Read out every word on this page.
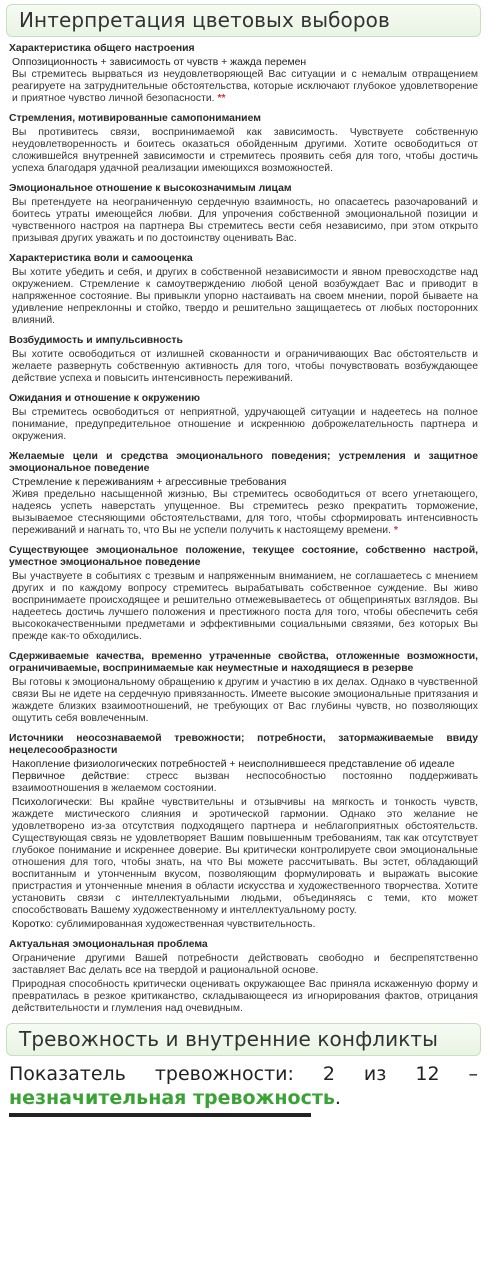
Интерпретация цветовых выборов
Характеристика общего настроения
Оппозиционность + зависимость от чувств + жажда перемен
Вы стремитесь вырваться из неудовлетворяющей Вас ситуации и с немалым отвращением реагируете на затруднительные обстоятельства, которые исключают глубокое удовлетворение и приятное чувство личной безопасности. **
Стремления, мотивированные самопониманием
Вы противитесь связи, воспринимаемой как зависимость. Чувствуете собственную неудовлетворенность и боитесь оказаться обойденным другими. Хотите освободиться от сложившейся внутренней зависимости и стремитесь проявить себя для того, чтобы достичь успеха благодаря удачной реализации имеющихся возможностей.
Эмоциональное отношение к высокозначимым лицам
Вы претендуете на неограниченную сердечную взаимность, но опасаетесь разочарований и боитесь утраты имеющейся любви. Для упрочения собственной эмоциональной позиции и чувственного настроя на партнера Вы стремитесь вести себя независимо, при этом открыто призывая других уважать и по достоинству оценивать Вас.
Характеристика воли и самооценка
Вы хотите убедить и себя, и других в собственной независимости и явном превосходстве над окружением. Стремление к самоутверждению любой ценой возбуждает Вас и приводит в напряженное состояние. Вы привыкли упорно настаивать на своем мнении, порой бываете на удивление непреклонны и стойко, твердо и решительно защищаетесь от любых посторонних влияний.
Возбудимость и импульсивность
Вы хотите освободиться от излишней скованности и ограничивающих Вас обстоятельств и желаете развернуть собственную активность для того, чтобы почувствовать возбуждающее действие успеха и повысить интенсивность переживаний.
Ожидания и отношение к окружению
Вы стремитесь освободиться от неприятной, удручающей ситуации и надеетесь на полное понимание, предупредительное отношение и искреннюю доброжелательность партнера и окружения.
Желаемые цели и средства эмоционального поведения; устремления и защитное эмоциональное поведение
Стремление к переживаниям + агрессивные требования
Живя предельно насыщенной жизнью, Вы стремитесь освободиться от всего угнетающего, надеясь успеть наверстать упущенное. Вы стремитесь резко прекратить торможение, вызываемое стесняющими обстоятельствами, для того, чтобы сформировать интенсивность переживаний и нагнать то, что Вы не успели получить к настоящему времени. *
Существующее эмоциональное положение, текущее состояние, собственно настрой, уместное эмоциональное поведение
Вы участвуете в событиях с трезвым и напряженным вниманием, не соглашаетесь с мнением других и по каждому вопросу стремитесь вырабатывать собственное суждение. Вы живо воспринимаете происходящее и решительно отмежевываетесь от общепринятых взглядов. Вы надеетесь достичь лучшего положения и престижного поста для того, чтобы обеспечить себя высококачественными предметами и эффективными социальными связями, без которых Вы прежде как-то обходились.
Сдерживаемые качества, временно утраченные свойства, отложенные возможности, ограничиваемые, воспринимаемые как неуместные и находящиеся в резерве
Вы готовы к эмоциональному обращению к другим и участию в их делах. Однако в чувственной связи Вы не идете на сердечную привязанность. Имеете высокие эмоциональные притязания и жаждете близких взаимоотношений, не требующих от Вас глубины чувств, но позволяющих ощутить себя вовлеченным.
Источники неосознаваемой тревожности; потребности, затормаживаемые ввиду нецелесообразности
Накопление физиологических потребностей + неисполнившееся представление об идеале
Первичное действие: стресс вызван неспособностью постоянно поддерживать взаимоотношения в желаемом состоянии.
Психологически: Вы крайне чувствительны и отзывчивы на мягкость и тонкость чувств, жаждете мистического слияния и эротической гармонии. Однако это желание не удовлетворено из-за отсутствия подходящего партнера и неблагоприятных обстоятельств. Существующая связь не удовлетворяет Вашим повышенным требованиям, так как отсутствует глубокое понимание и искреннее доверие. Вы критически контролируете свои эмоциональные отношения для того, чтобы знать, на что Вы можете рассчитывать. Вы эстет, обладающий воспитанным и утонченным вкусом, позволяющим формулировать и выражать высокие пристрастия и утонченные мнения в области искусства и художественного творчества. Хотите установить связи с интеллектуальными людьми, объединяясь с теми, кто может способствовать Вашему художественному и интеллектуальному росту.
Коротко: сублимированная художественная чувствительность.
Актуальная эмоциональная проблема
Ограничение другими Вашей потребности действовать свободно и беспрепятственно заставляет Вас делать все на твердой и рациональной основе.
Природная способность критически оценивать окружающее Вас приняла искаженную форму и превратилась в резкое критиканство, складывающееся из игнорирования фактов, отрицания действительности и глумления над очевидным.
Тревожность и внутренние конфликты
Показатель тревожности: 2 из 12 – незначительная тревожность.
